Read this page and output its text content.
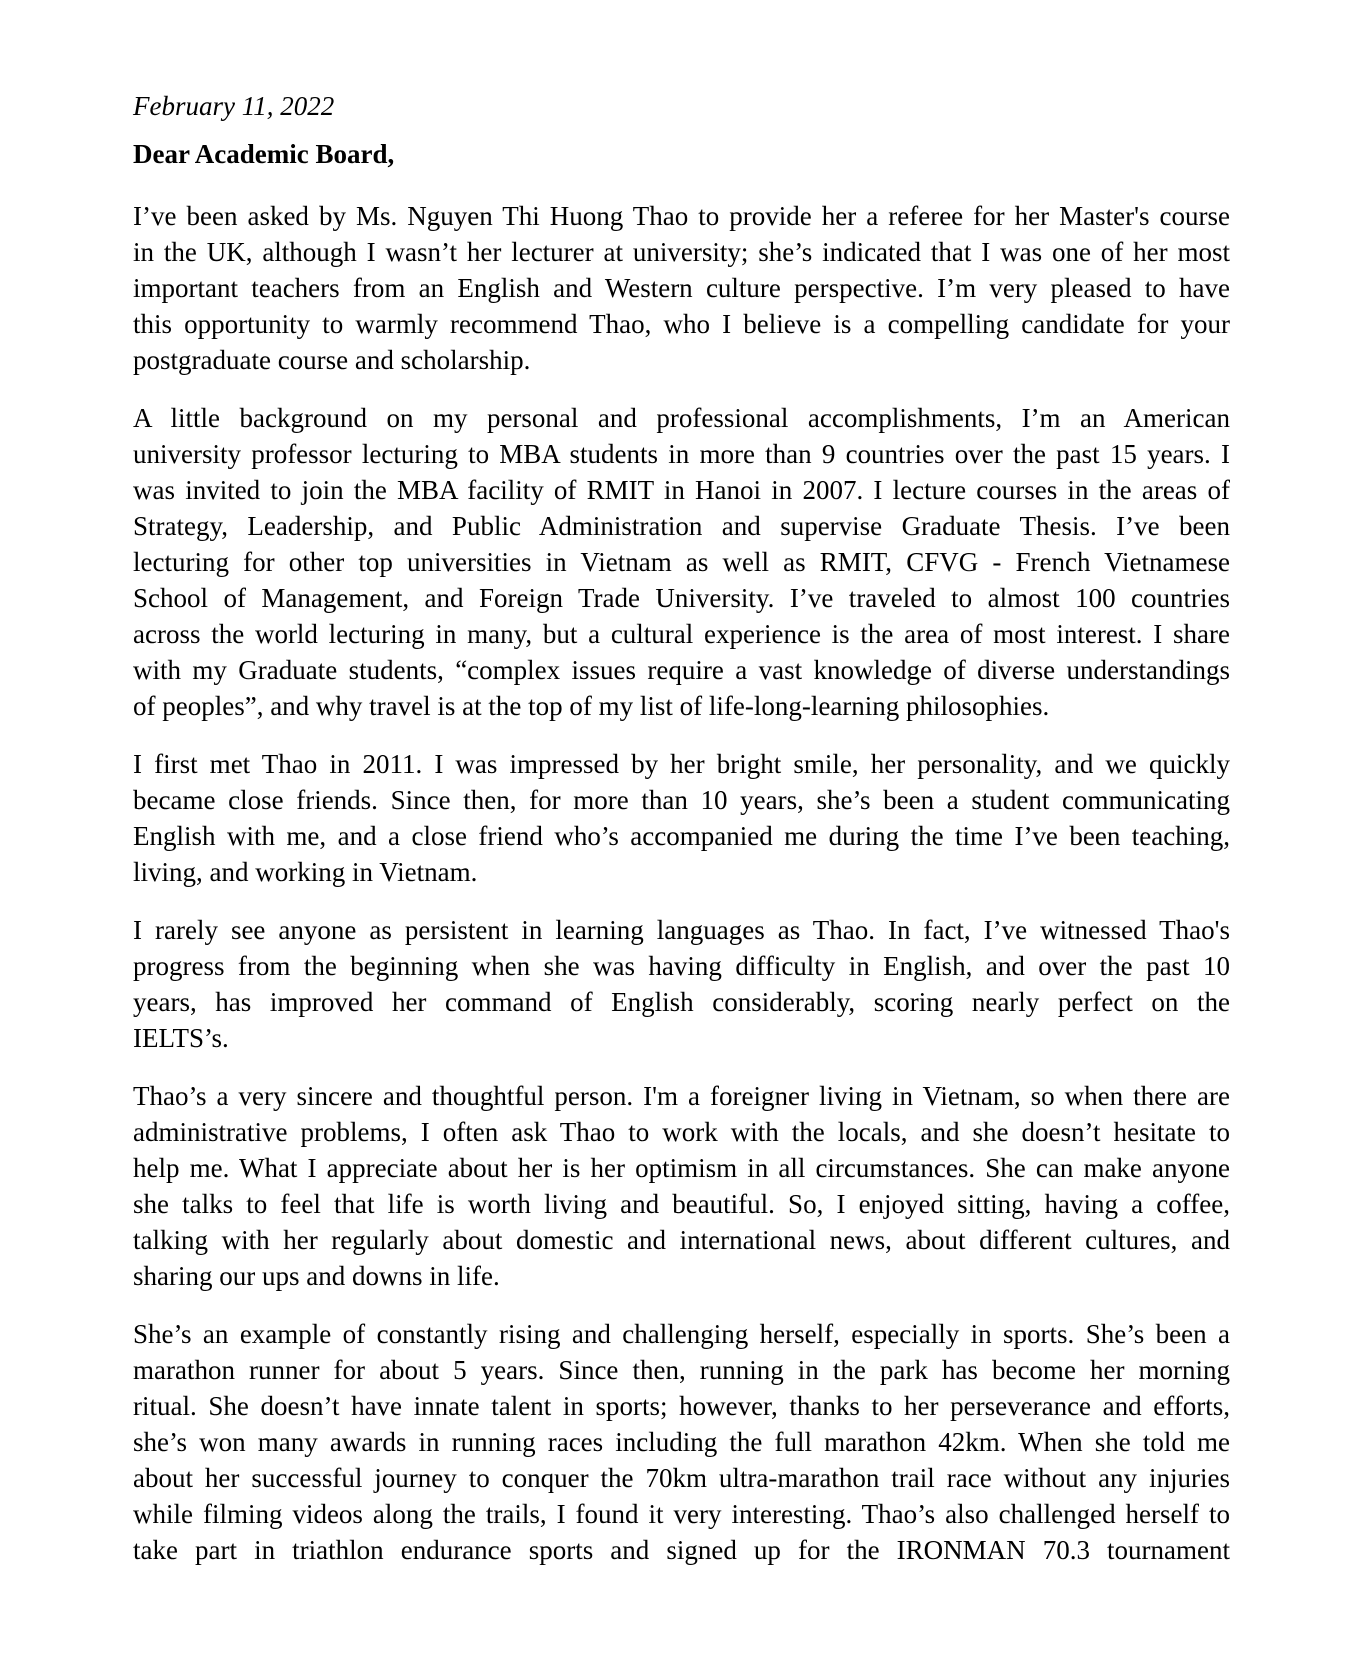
February 11, 2022
Dear Academic Board,

I’ve been asked by Ms. Nguyen Thi Huong Thao to provide her a referee for her Master's course
in the UK, although I wasn’t her lecturer at university; she’s indicated that I was one of her most
important teachers from an English and Western culture perspective. I’m very pleased to have
this opportunity to warmly recommend Thao, who I believe is a compelling candidate for your
postgraduate course and scholarship.

A little background on my personal and professional accomplishments, I’m an American
university professor lecturing to MBA students in more than 9 countries over the past 15 years. I
was invited to join the MBA facility of RMIT in Hanoi in 2007. I lecture courses in the areas of
Strategy, Leadership, and Public Administration and supervise Graduate Thesis. I’ve been
lecturing for other top universities in Vietnam as well as RMIT, CFVG - French Vietnamese
School of Management, and Foreign Trade University. I’ve traveled to almost 100 countries
across the world lecturing in many, but a cultural experience is the area of most interest. I share
with my Graduate students, “complex issues require a vast knowledge of diverse understandings
of peoples”, and why travel is at the top of my list of life-long-learning philosophies.

I first met Thao in 2011. I was impressed by her bright smile, her personality, and we quickly
became close friends. Since then, for more than 10 years, she’s been a student communicating
English with me, and a close friend who’s accompanied me during the time I’ve been teaching,
living, and working in Vietnam.

I rarely see anyone as persistent in learning languages as Thao. In fact, I’ve witnessed Thao's
progress from the beginning when she was having difficulty in English, and over the past 10
years, has improved her command of English considerably, scoring nearly perfect on the
IELTS’s.

Thao’s a very sincere and thoughtful person. I'm a foreigner living in Vietnam, so when there are
administrative problems, I often ask Thao to work with the locals, and she doesn’t hesitate to
help me. What I appreciate about her is her optimism in all circumstances. She can make anyone
she talks to feel that life is worth living and beautiful. So, I enjoyed sitting, having a coffee,
talking with her regularly about domestic and international news, about different cultures, and
sharing our ups and downs in life.

She’s an example of constantly rising and challenging herself, especially in sports. She’s been a
marathon runner for about 5 years. Since then, running in the park has become her morning
ritual. She doesn’t have innate talent in sports; however, thanks to her perseverance and efforts,
she’s won many awards in running races including the full marathon 42km. When she told me
about her successful journey to conquer the 70km ultra-marathon trail race without any injuries
while filming videos along the trails, I found it very interesting. Thao’s also challenged herself to
take part in triathlon endurance sports and signed up for the IRONMAN 70.3 tournament
